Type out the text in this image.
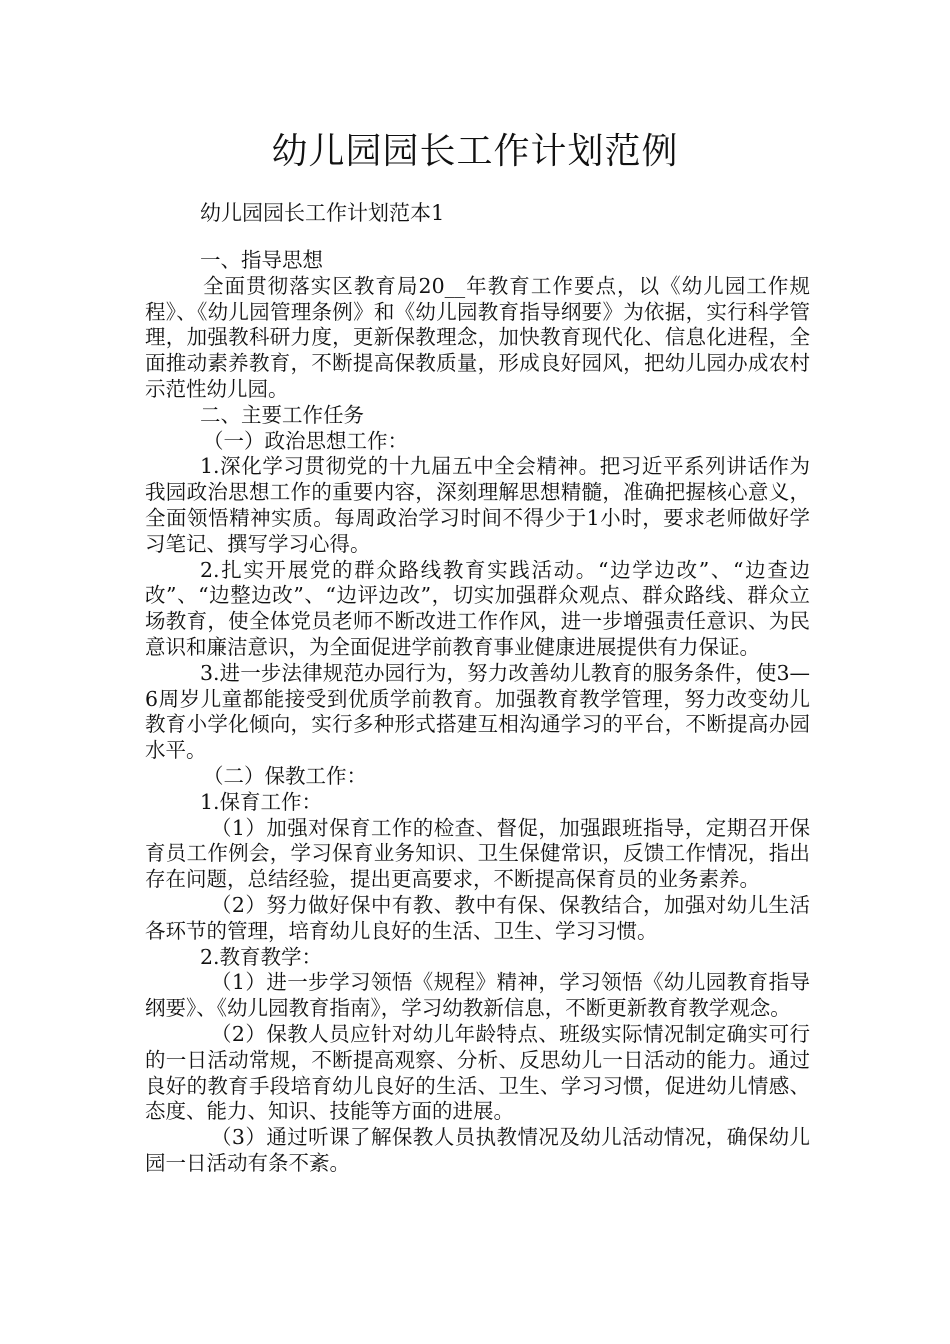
幼儿园园长工作计划范例

幼儿园园长工作计划范本1

一、指导思想

全面贯彻落实区教育局20__年教育工作要点，以《幼儿园工作规程》、《幼儿园管理条例》和《幼儿园教育指导纲要》为依据，实行科学管理，加强教科研力度，更新保教理念，加快教育现代化、信息化进程，全面推动素养教育，不断提高保教质量，形成良好园风，把幼儿园办成农村示范性幼儿园。

二、主要工作任务

（一）政治思想工作：

1.深化学习贯彻党的十九届五中全会精神。把习近平系列讲话作为我园政治思想工作的重要内容，深刻理解思想精髓，准确把握核心意义，全面领悟精神实质。每周政治学习时间不得少于1小时，要求老师做好学习笔记、撰写学习心得。

2.扎实开展党的群众路线教育实践活动。“边学边改”、“边查边改”、“边整边改”、“边评边改”，切实加强群众观点、群众路线、群众立场教育，使全体党员老师不断改进工作作风，进一步增强责任意识、为民意识和廉洁意识，为全面促进学前教育事业健康进展提供有力保证。

3.进一步法律规范办园行为，努力改善幼儿教育的服务条件，使3—6周岁儿童都能接受到优质学前教育。加强教育教学管理，努力改变幼儿教育小学化倾向，实行多种形式搭建互相沟通学习的平台，不断提高办园水平。

（二）保教工作：

1.保育工作：

（1）加强对保育工作的检查、督促，加强跟班指导，定期召开保育员工作例会，学习保育业务知识、卫生保健常识，反馈工作情况，指出存在问题，总结经验，提出更高要求，不断提高保育员的业务素养。

（2）努力做好保中有教、教中有保、保教结合，加强对幼儿生活各环节的管理，培育幼儿良好的生活、卫生、学习习惯。

2.教育教学：

（1）进一步学习领悟《规程》精神，学习领悟《幼儿园教育指导纲要》、《幼儿园教育指南》，学习幼教新信息，不断更新教育教学观念。

（2）保教人员应针对幼儿年龄特点、班级实际情况制定确实可行的一日活动常规，不断提高观察、分析、反思幼儿一日活动的能力。通过良好的教育手段培育幼儿良好的生活、卫生、学习习惯，促进幼儿情感、态度、能力、知识、技能等方面的进展。

（3）通过听课了解保教人员执教情况及幼儿活动情况，确保幼儿园一日活动有条不紊。
